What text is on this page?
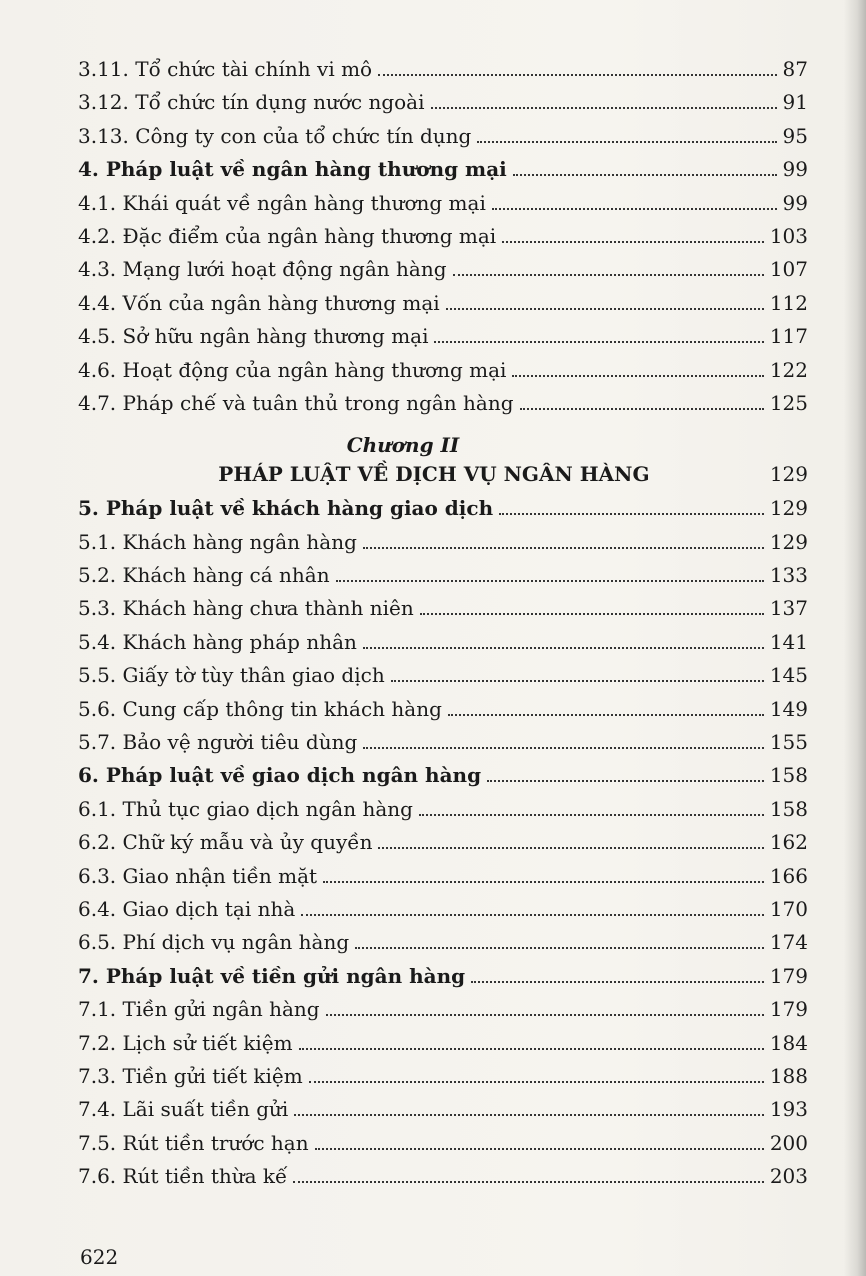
3.11. Tổ chức tài chính vi mô	87
3.12. Tổ chức tín dụng nước ngoài	91
3.13. Công ty con của tổ chức tín dụng	95
4. Pháp luật về ngân hàng thương mại	99
4.1. Khái quát về ngân hàng thương mại	99
4.2. Đặc điểm của ngân hàng thương mại	103
4.3. Mạng lưới hoạt động ngân hàng	107
4.4. Vốn của ngân hàng thương mại	112
4.5. Sở hữu ngân hàng thương mại	117
4.6. Hoạt động của ngân hàng thương mại	122
4.7. Pháp chế và tuân thủ trong ngân hàng	125
Chương II
PHÁP LUẬT VỀ DỊCH VỤ NGÂN HÀNG	129
5. Pháp luật về khách hàng giao dịch	129
5.1. Khách hàng ngân hàng	129
5.2. Khách hàng cá nhân	133
5.3. Khách hàng chưa thành niên	137
5.4. Khách hàng pháp nhân	141
5.5. Giấy tờ tùy thân giao dịch	145
5.6. Cung cấp thông tin khách hàng	149
5.7. Bảo vệ người tiêu dùng	155
6. Pháp luật về giao dịch ngân hàng	158
6.1. Thủ tục giao dịch ngân hàng	158
6.2. Chữ ký mẫu và ủy quyền	162
6.3. Giao nhận tiền mặt	166
6.4. Giao dịch tại nhà	170
6.5. Phí dịch vụ ngân hàng	174
7. Pháp luật về tiền gửi ngân hàng	179
7.1. Tiền gửi ngân hàng	179
7.2. Lịch sử tiết kiệm	184
7.3. Tiền gửi tiết kiệm	188
7.4. Lãi suất tiền gửi	193
7.5. Rút tiền trước hạn	200
7.6. Rút tiền thừa kế	203
622
